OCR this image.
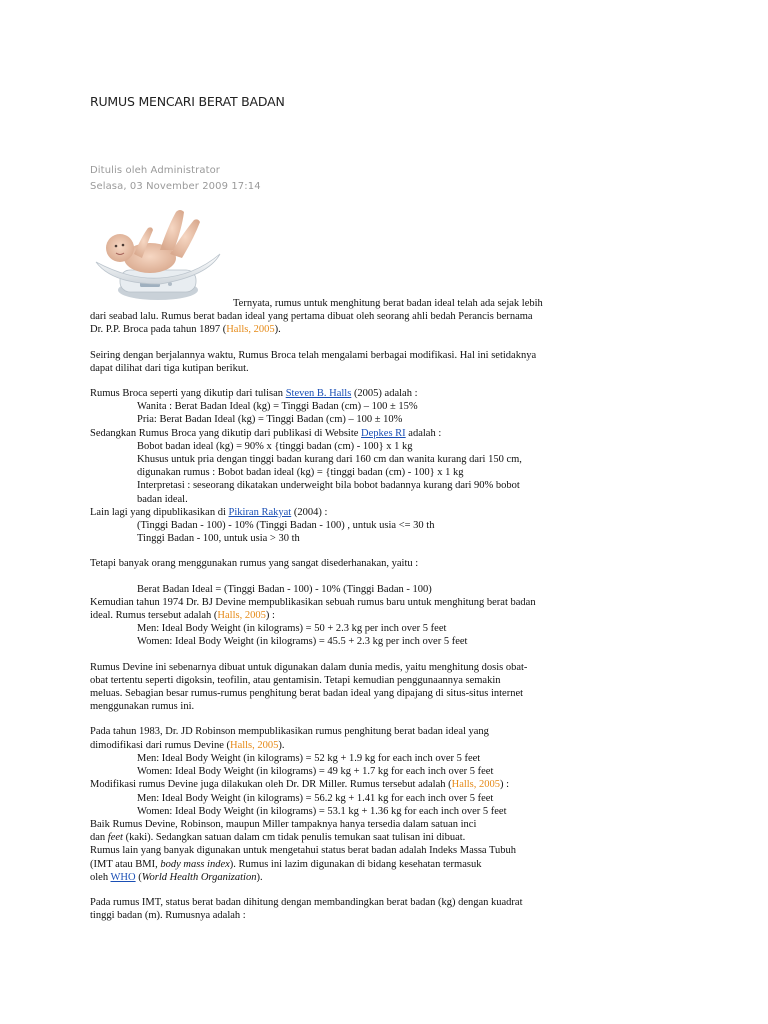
RUMUS MENCARI BERAT BADAN
Ditulis oleh Administrator
Selasa, 03 November 2009 17:14

Ternyata, rumus untuk menghitung berat badan ideal telah ada sejak lebih

dari seabad lalu. Rumus berat badan ideal yang pertama dibuat oleh seorang ahli bedah Perancis bernama

Dr. P.P. Broca pada tahun 1897 (Halls, 2005).

Seiring dengan berjalannya waktu, Rumus Broca telah mengalami berbagai modifikasi. Hal ini setidaknya

dapat dilihat dari tiga kutipan berikut.

Rumus Broca seperti yang dikutip dari tulisan Steven B. Halls (2005) adalah :

Wanita : Berat Badan Ideal (kg) = Tinggi Badan (cm) – 100 ± 15%

Pria: Berat Badan Ideal (kg) = Tinggi Badan (cm) – 100 ± 10%

Sedangkan Rumus Broca yang dikutip dari publikasi di Website Depkes RI adalah :

Bobot badan ideal (kg) = 90% x {tinggi badan (cm) - 100} x 1 kg

Khusus untuk pria dengan tinggi badan kurang dari 160 cm dan wanita kurang dari 150 cm,

digunakan rumus : Bobot badan ideal (kg) = {tinggi badan (cm) - 100} x 1 kg

Interpretasi : seseorang dikatakan underweight bila bobot badannya kurang dari 90% bobot

badan ideal.

Lain lagi yang dipublikasikan di Pikiran Rakyat (2004) :

(Tinggi Badan - 100) - 10% (Tinggi Badan - 100) , untuk usia <= 30 th

Tinggi Badan - 100, untuk usia > 30 th

Tetapi banyak orang menggunakan rumus yang sangat disederhanakan, yaitu :

Berat Badan Ideal = (Tinggi Badan - 100) - 10% (Tinggi Badan - 100)

Kemudian tahun 1974 Dr. BJ Devine mempublikasikan sebuah rumus baru untuk menghitung berat badan

ideal. Rumus tersebut adalah (Halls, 2005) :

Men: Ideal Body Weight (in kilograms) = 50 + 2.3 kg per inch over 5 feet

Women: Ideal Body Weight (in kilograms) = 45.5 + 2.3 kg per inch over 5 feet

Rumus Devine ini sebenarnya dibuat untuk digunakan dalam dunia medis, yaitu menghitung dosis obat-

obat tertentu seperti digoksin, teofilin, atau gentamisin. Tetapi kemudian penggunaannya semakin

meluas. Sebagian besar rumus-rumus penghitung berat badan ideal yang dipajang di situs-situs internet

menggunakan rumus ini.

Pada tahun 1983, Dr. JD Robinson mempublikasikan rumus penghitung berat badan ideal yang

dimodifikasi dari rumus Devine (Halls, 2005).

Men: Ideal Body Weight (in kilograms) = 52 kg + 1.9 kg for each inch over 5 feet

Women: Ideal Body Weight (in kilograms) = 49 kg + 1.7 kg for each inch over 5 feet

Modifikasi rumus Devine juga dilakukan oleh Dr. DR Miller. Rumus tersebut adalah (Halls, 2005) :

Men: Ideal Body Weight (in kilograms) = 56.2 kg + 1.41 kg for each inch over 5 feet

Women: Ideal Body Weight (in kilograms) = 53.1 kg + 1.36 kg for each inch over 5 feet

Baik Rumus Devine, Robinson, maupun Miller tampaknya hanya tersedia dalam satuan inci

dan feet (kaki). Sedangkan satuan dalam cm tidak penulis temukan saat tulisan ini dibuat.

Rumus lain yang banyak digunakan untuk mengetahui status berat badan adalah Indeks Massa Tubuh

(IMT atau BMI, body mass index). Rumus ini lazim digunakan di bidang kesehatan termasuk

oleh WHO (World Health Organization).

Pada rumus IMT, status berat badan dihitung dengan membandingkan berat badan (kg) dengan kuadrat

tinggi badan (m). Rumusnya adalah :
